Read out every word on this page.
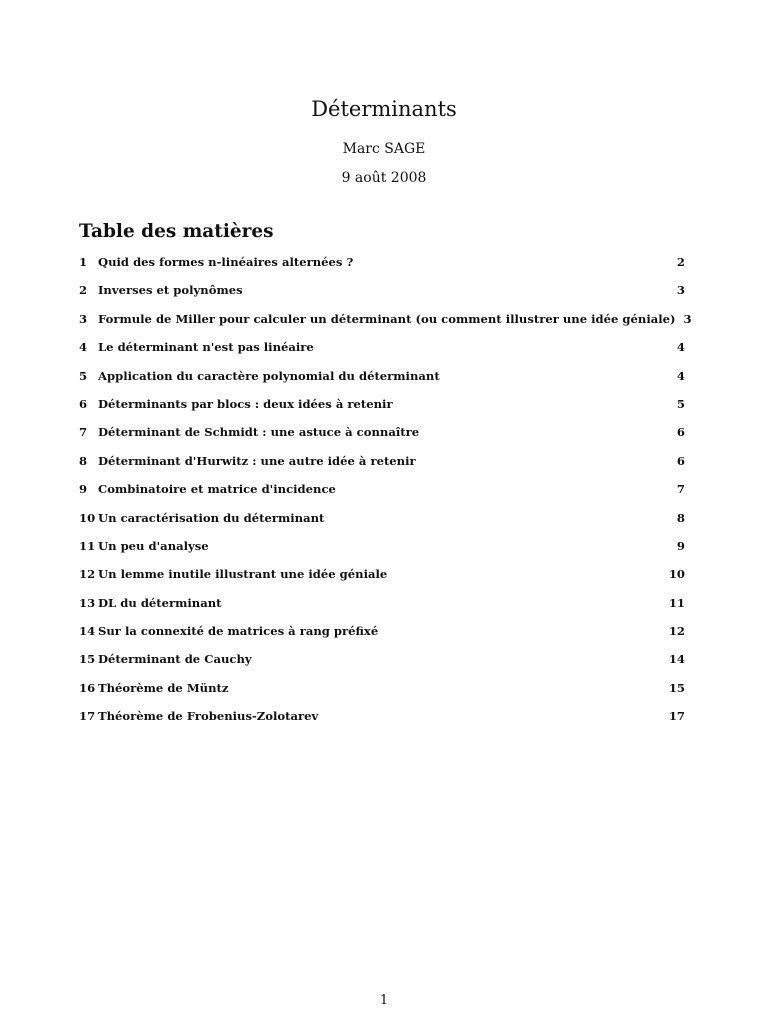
Déterminants
Marc SAGE
9 août 2008
Table des matières
1 Quid des formes n-linéaires alternées ?	2
2 Inverses et polynômes	3
3 Formule de Miller pour calculer un déterminant (ou comment illustrer une idée géniale) 3
4 Le déterminant n'est pas linéaire	4
5 Application du caractère polynomial du déterminant	4
6 Déterminants par blocs : deux idées à retenir	5
7 Déterminant de Schmidt : une astuce à connaître	6
8 Déterminant d'Hurwitz : une autre idée à retenir	6
9 Combinatoire et matrice d'incidence	7
10 Un caractérisation du déterminant	8
11 Un peu d'analyse	9
12 Un lemme inutile illustrant une idée géniale	10
13 DL du déterminant	11
14 Sur la connexité de matrices à rang préfixé	12
15 Déterminant de Cauchy	14
16 Théorème de Müntz	15
17 Théorème de Frobenius-Zolotarev	17
1
